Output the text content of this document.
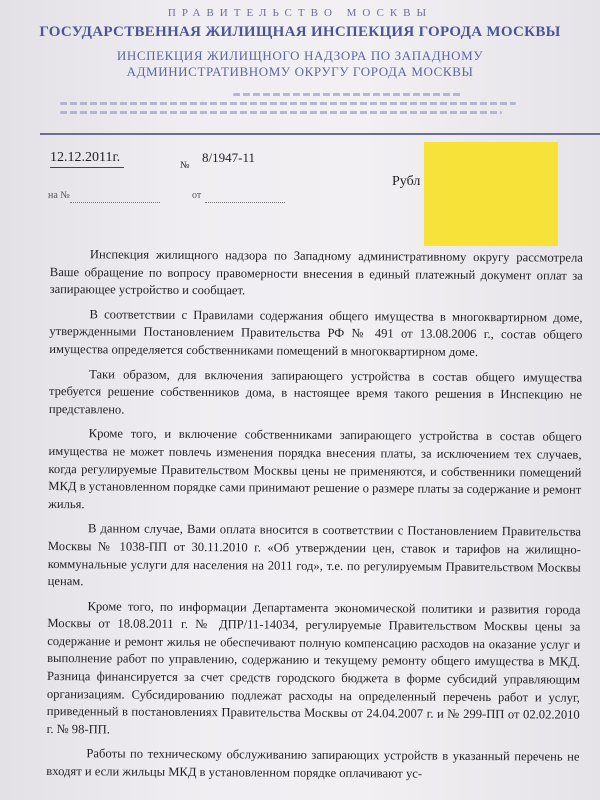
ПРАВИТЕЛЬСТВО МОСКВЫ
ГОСУДАРСТВЕННАЯ ЖИЛИЩНАЯ ИНСПЕКЦИЯ ГОРОДА МОСКВЫ
ИНСПЕКЦИЯ ЖИЛИЩНОГО НАДЗОРА ПО ЗАПАДНОМУ
АДМИНИСТРАТИВНОМУ ОКРУГУ ГОРОДА МОСКВЫ
12.12.2011г.
№
8/1947-11
на №	от
Рубл

Инспекция жилищного надзора по Западному административному округу рассмотрела Ваше обращение по вопросу правомерности внесения в единый платежный документ оплат за запирающее устройство и сообщает.

В соответствии с Правилами содержания общего имущества в многоквартирном доме, утвержденными Постановлением Правительства РФ № 491 от 13.08.2006 г., состав общего имущества определяется собственниками помещений в многоквартирном доме.

Таки образом, для включения запирающего устройства в состав общего имущества требуется решение собственников дома, в настоящее время такого решения в Инспекцию не представлено.

Кроме того, и включение собственниками запирающего устройства в состав общего имущества не может повлечь изменения порядка внесения платы, за исключением тех случаев, когда регулируемые Правительством Москвы цены не применяются, и собственники помещений МКД в установленном порядке сами принимают решение о размере платы за содержание и ремонт жилья.

В данном случае, Вами оплата вносится в соответствии с Постановлением Правительства Москвы № 1038-ПП от 30.11.2010 г. «Об утверждении цен, ставок и тарифов на жилищно-коммунальные услуги для населения на 2011 год», т.е. по регулируемым Правительством Москвы ценам.

Кроме того, по информации Департамента экономической политики и развития города Москвы от 18.08.2011 г. № ДПР/11-14034, регулируемые Правительством Москвы цены за содержание и ремонт жилья не обеспечивают полную компенсацию расходов на оказание услуг и выполнение работ по управлению, содержанию и текущему ремонту общего имущества в МКД. Разница финансируется за счет средств городского бюджета в форме субсидий управляющим организациям. Субсидированию подлежат расходы на определенный перечень работ и услуг, приведенный в постановлениях Правительства Москвы от 24.04.2007 г. и № 299-ПП от 02.02.2010 г. № 98-ПП.

Работы по техническому обслуживанию запирающих устройств в указанный перечень не входят и если жильцы МКД в установленном порядке оплачивают ус-
